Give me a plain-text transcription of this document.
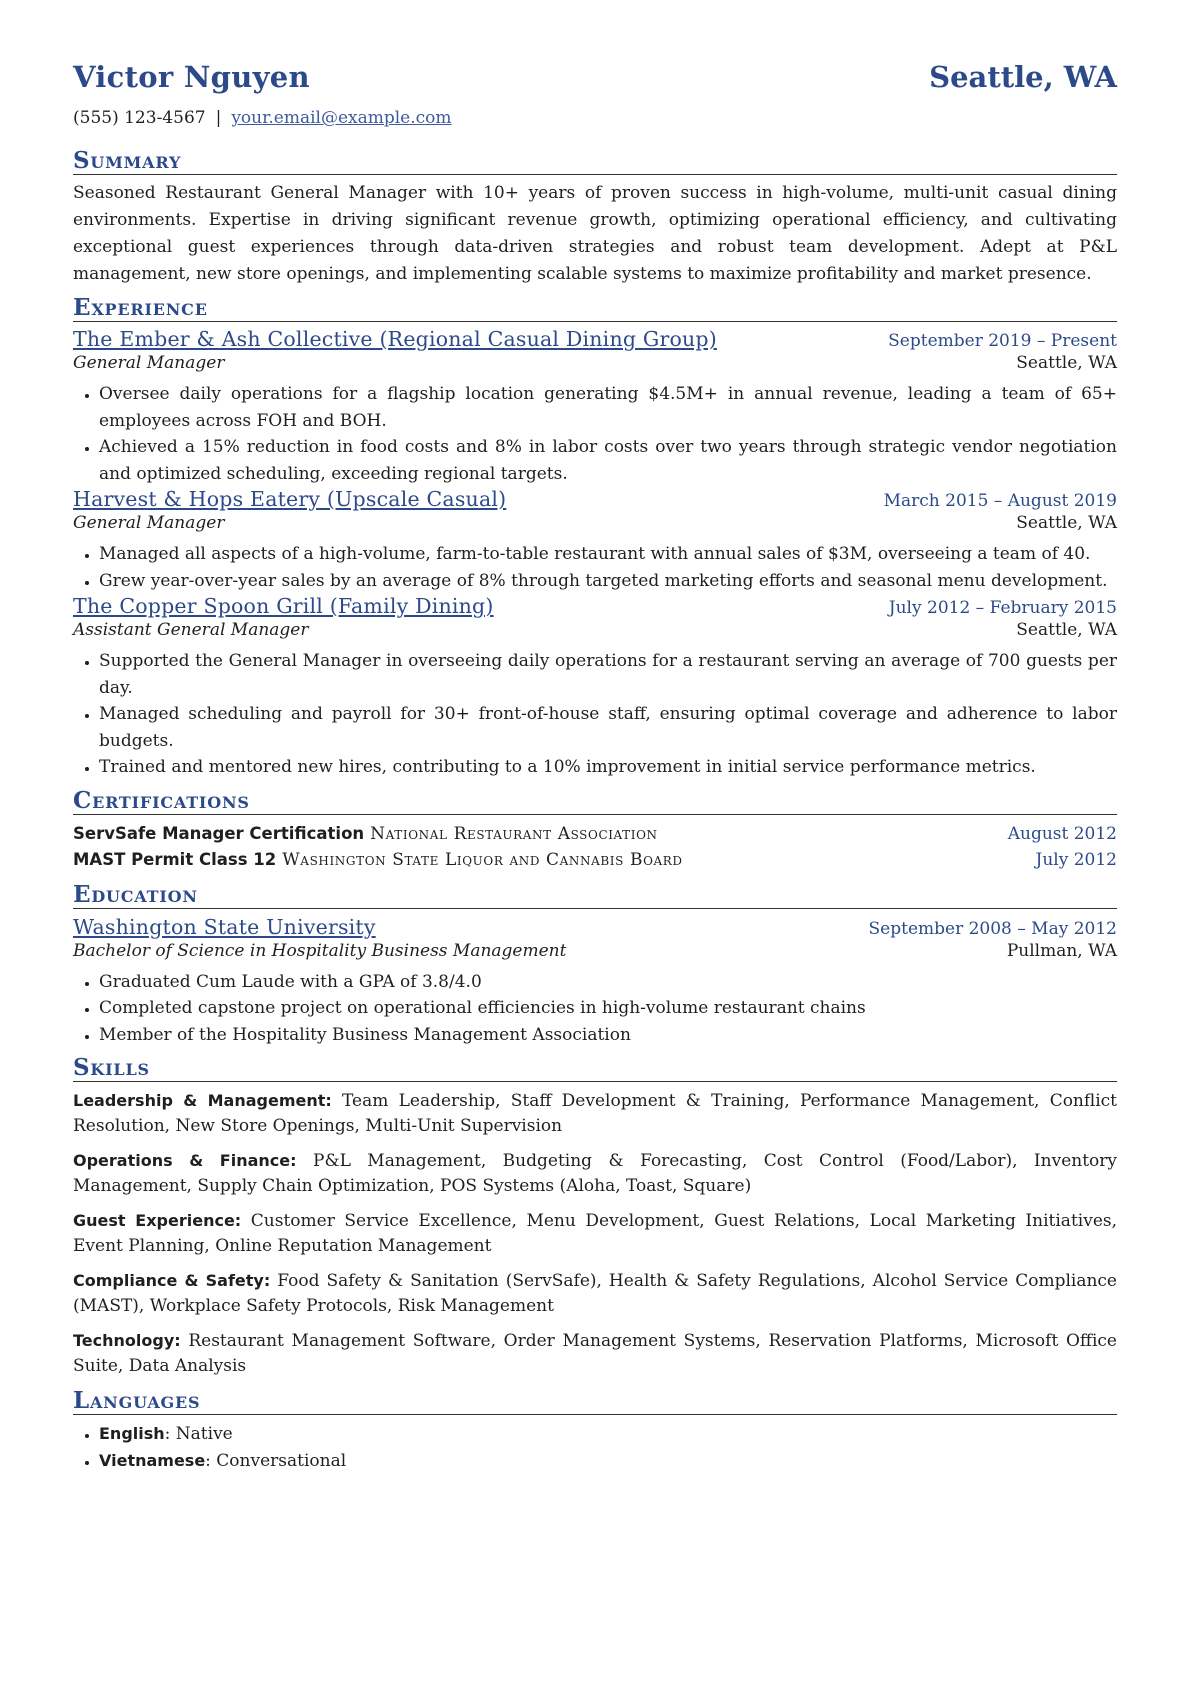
Victor Nguyen	Seattle, WA
(555) 123-4567 | your.email@example.com
Summary

Seasoned Restaurant General Manager with 10+ years of proven success in high-volume, multi-unit casual dining environments. Expertise in driving significant revenue growth, optimizing operational efficiency, and cultivating exceptional guest experiences through data-driven strategies and robust team development. Adept at P&L management, new store openings, and implementing scalable systems to maximize profitability and market presence.

Experience
The Ember & Ash Collective (Regional Casual Dining Group)	September 2019 – Present
General Manager	Seattle, WA
• Oversee daily operations for a flagship location generating $4.5M+ in annual revenue, leading a team of 65+ employees across FOH and BOH.
• Achieved a 15% reduction in food costs and 8% in labor costs over two years through strategic vendor negotiation and optimized scheduling, exceeding regional targets.
Harvest & Hops Eatery (Upscale Casual)	March 2015 – August 2019
General Manager	Seattle, WA
• Managed all aspects of a high-volume, farm-to-table restaurant with annual sales of $3M, overseeing a team of 40.
• Grew year-over-year sales by an average of 8% through targeted marketing efforts and seasonal menu development.
The Copper Spoon Grill (Family Dining)	July 2012 – February 2015
Assistant General Manager	Seattle, WA
• Supported the General Manager in overseeing daily operations for a restaurant serving an average of 700 guests per day.
• Managed scheduling and payroll for 30+ front-of-house staff, ensuring optimal coverage and adherence to labor budgets.
• Trained and mentored new hires, contributing to a 10% improvement in initial service performance metrics.
Certifications
ServSafe Manager Certification National Restaurant Association	August 2012
MAST Permit Class 12 Washington State Liquor and Cannabis Board	July 2012
Education
Washington State University	September 2008 – May 2012
Bachelor of Science in Hospitality Business Management	Pullman, WA
• Graduated Cum Laude with a GPA of 3.8/4.0
• Completed capstone project on operational efficiencies in high-volume restaurant chains
• Member of the Hospitality Business Management Association
Skills
Leadership & Management: Team Leadership, Staff Development & Training, Performance Management, Conflict Resolution, New Store Openings, Multi-Unit Supervision
Operations & Finance: P&L Management, Budgeting & Forecasting, Cost Control (Food/Labor), Inventory Management, Supply Chain Optimization, POS Systems (Aloha, Toast, Square)
Guest Experience: Customer Service Excellence, Menu Development, Guest Relations, Local Marketing Initiatives, Event Planning, Online Reputation Management
Compliance & Safety: Food Safety & Sanitation (ServSafe), Health & Safety Regulations, Alcohol Service Compliance (MAST), Workplace Safety Protocols, Risk Management
Technology: Restaurant Management Software, Order Management Systems, Reservation Platforms, Microsoft Office Suite, Data Analysis
Languages
• English: Native
• Vietnamese: Conversational
